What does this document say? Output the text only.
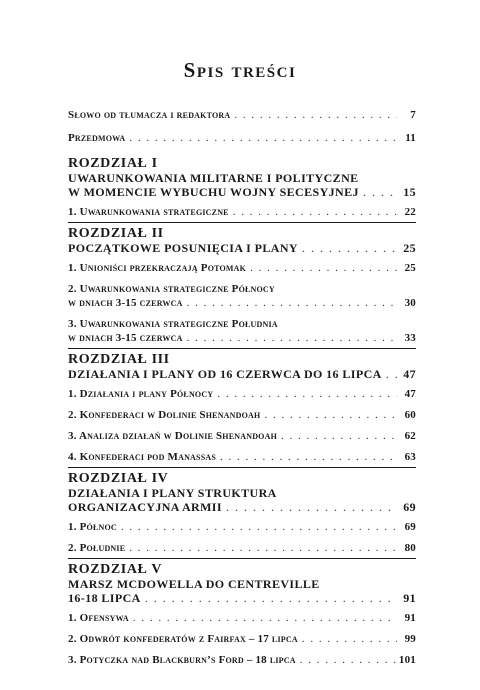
Spis treści
Słowo od tłumacza i redaktora . . .	7
Przedmowa . . .	11
ROZDZIAŁ I
UWARUNKOWANIA MILITARNE I POLITYCZNE
W MOMENCIE WYBUCHU WOJNY SECESYJNEJ . . .	15
1. Uwarunkowania strategiczne . . .	22
ROZDZIAŁ II
POCZĄTKOWE POSUNIĘCIA I PLANY . . .	25
1. Unioniści przekraczają Potomak . . .	25
2. Uwarunkowania strategiczne Północy
w dniach 3-15 czerwca . . .	30
3. Uwarunkowania strategiczne Południa
w dniach 3-15 czerwca . . .	33
ROZDZIAŁ III
DZIAŁANIA I PLANY OD 16 CZERWCA DO 16 LIPCA . . . 47
1. Działania i plany Północy . . .	47
2. Konfederaci w Dolinie Shenandoah . . .	60
3. Analiza działań w Dolinie Shenandoah . . .	62
4. Konfederaci pod Manassas . . .	63
ROZDZIAŁ IV
DZIAŁANIA I PLANY STRUKTURA
ORGANIZACYJNA ARMII . . .	69
1. Północ . . .	69
2. Południe . . .	80
ROZDZIAŁ V
MARSZ MCDOWELLA DO CENTREVILLE
16-18 LIPCA . . .	91
1. Ofensywa . . .	91
2. Odwrót konfederatów z Fairfax – 17 lipca . . .	99
3. Potyczka nad Blackburn’s Ford – 18 lipca . . .	101
